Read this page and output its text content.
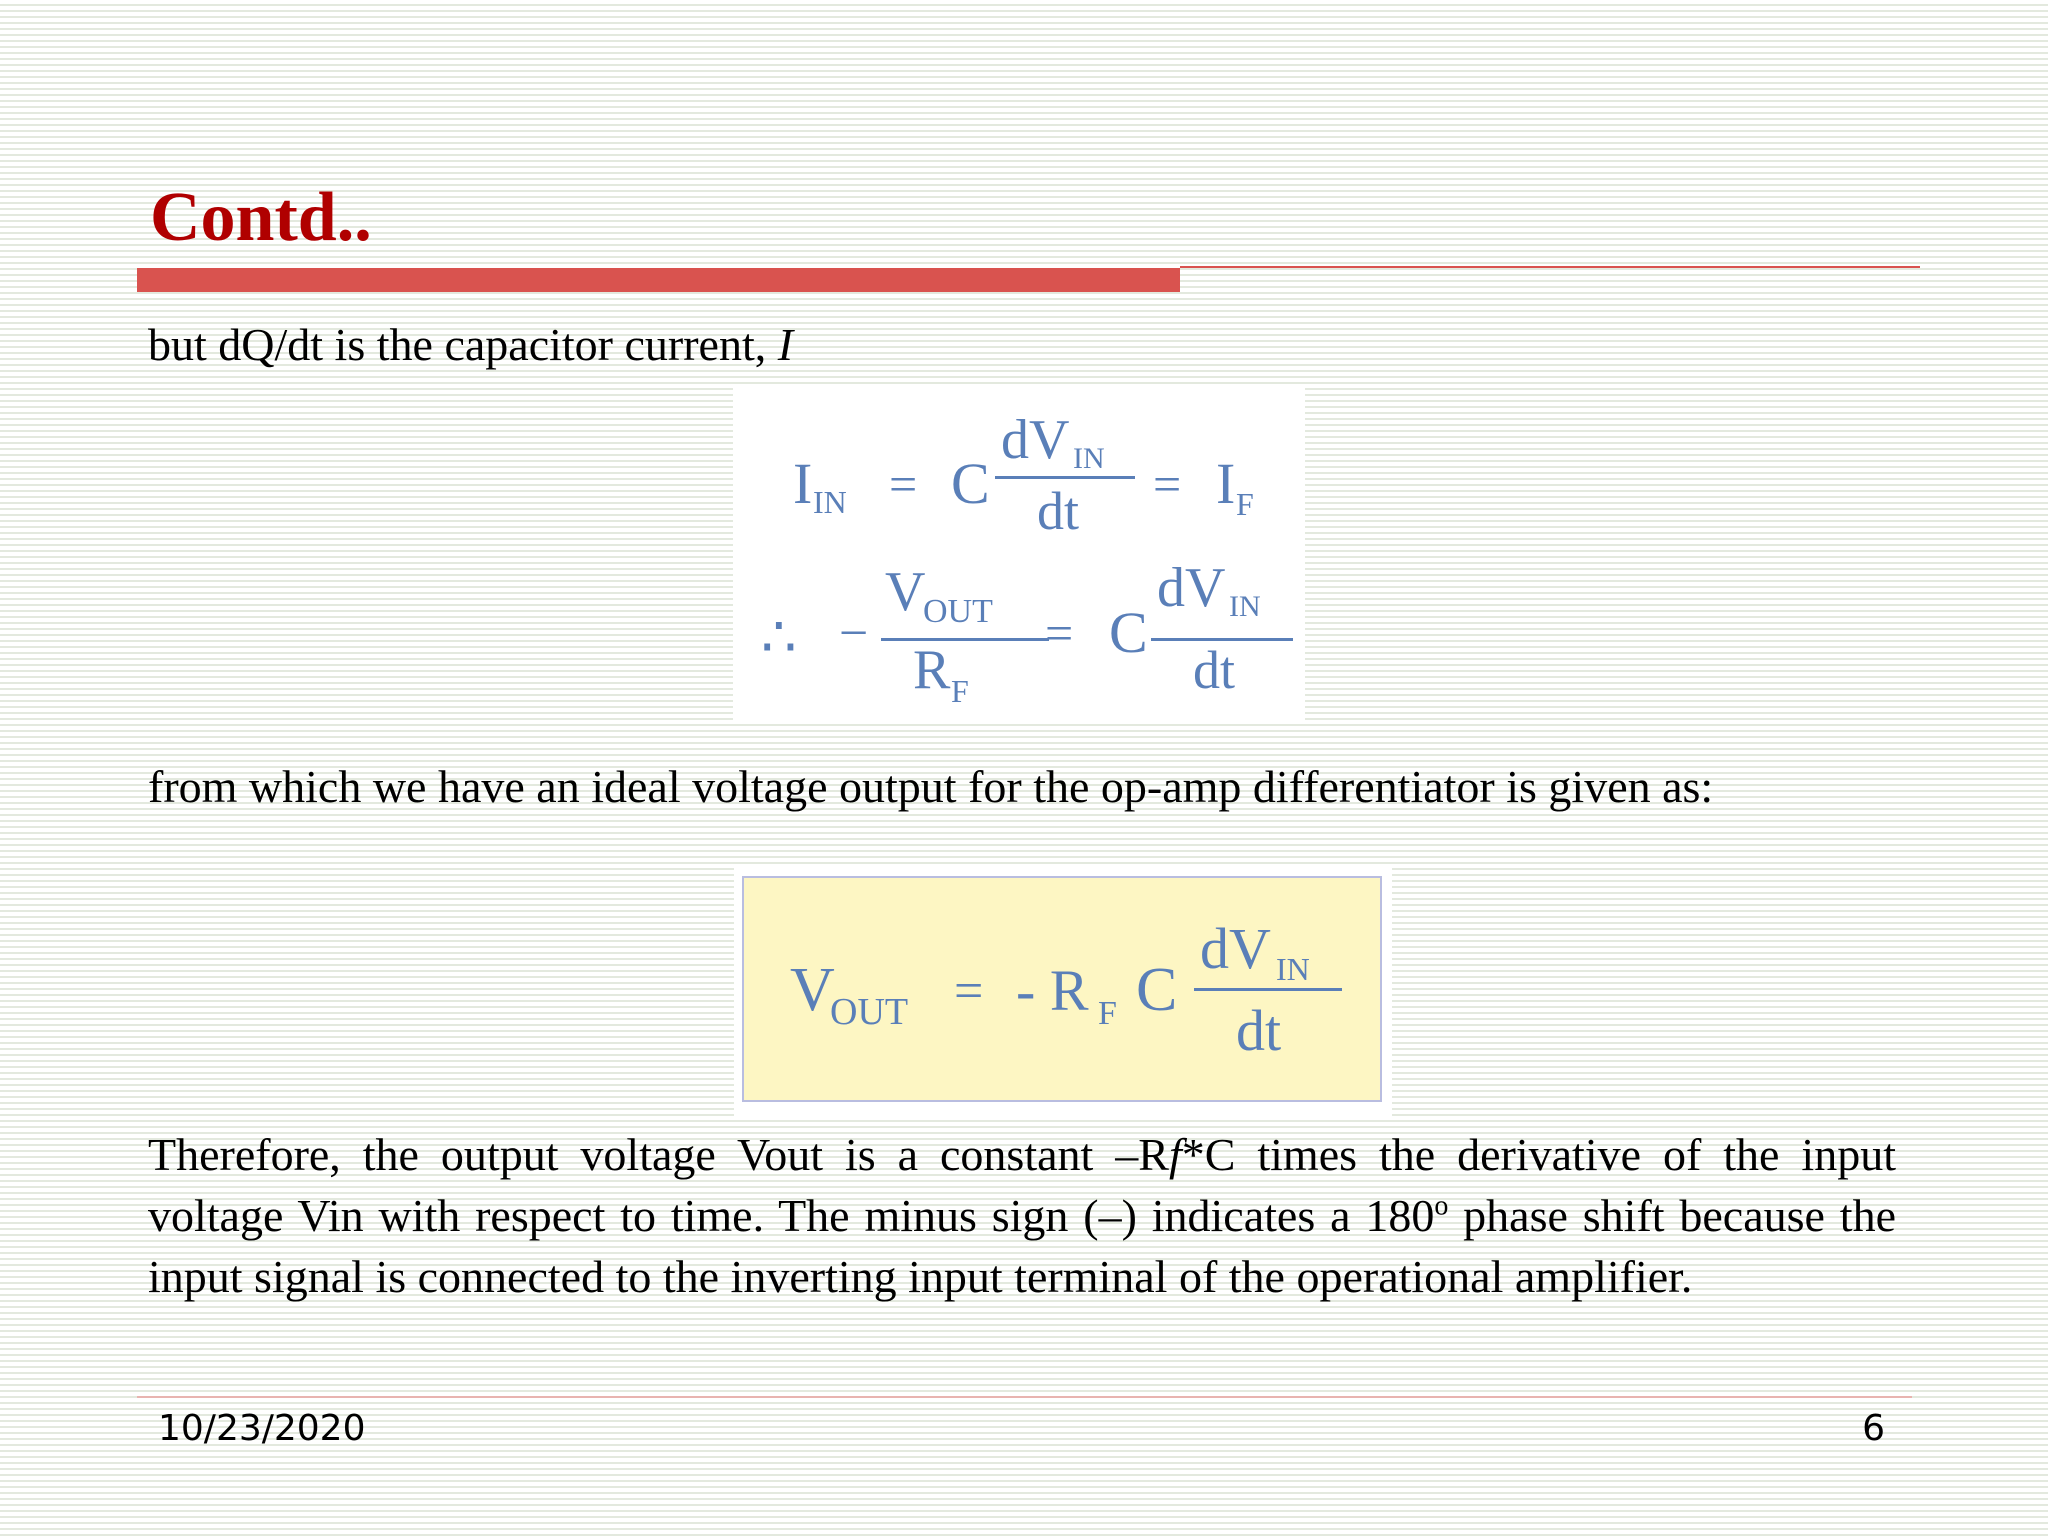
Contd..

but dQ/dt is the capacitor current, I

I IN = C
dV IN
dt = I F
∴ −
V
OUT
R F
= C
dV IN
dt

from which we have an ideal voltage output for the op-amp differentiator is given as:

V
OUT = - R F C
dV IN
dt

Therefore, the output voltage Vout is a constant –Rf*C times the derivative of the input voltage Vin with respect to time. The minus sign (–) indicates a 180$^o$ phase shift because the input signal is connected to the inverting input terminal of the operational amplifier.

10/23/2020	6
